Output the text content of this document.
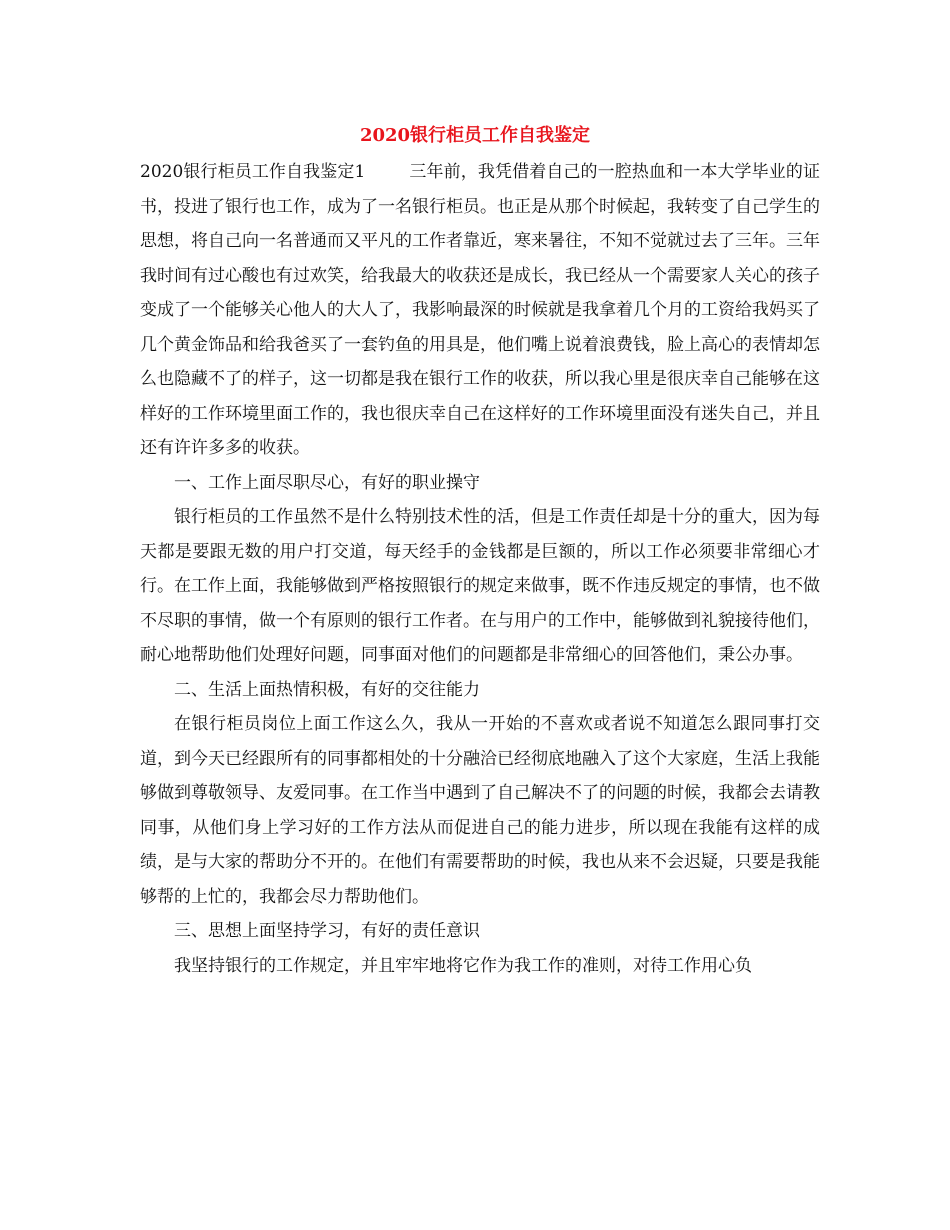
2020银行柜员工作自我鉴定

2020银行柜员工作自我鉴定1	三年前，我凭借着自己的一腔热血和一本大学毕业的证书，投进了银行也工作，成为了一名银行柜员。也正是从那个时候起，我转变了自己学生的思想，将自己向一名普通而又平凡的工作者靠近，寒来暑往，不知不觉就过去了三年。三年我时间有过心酸也有过欢笑，给我最大的收获还是成长，我已经从一个需要家人关心的孩子变成了一个能够关心他人的大人了，我影响最深的时候就是我拿着几个月的工资给我妈买了几个黄金饰品和给我爸买了一套钓鱼的用具是，他们嘴上说着浪费钱，脸上高心的表情却怎么也隐藏不了的样子，这一切都是我在银行工作的收获，所以我心里是很庆幸自己能够在这样好的工作环境里面工作的，我也很庆幸自己在这样好的工作环境里面没有迷失自己，并且还有许许多多的收获。

一、工作上面尽职尽心，有好的职业操守

银行柜员的工作虽然不是什么特别技术性的活，但是工作责任却是十分的重大，因为每天都是要跟无数的用户打交道，每天经手的金钱都是巨额的，所以工作必须要非常细心才行。在工作上面，我能够做到严格按照银行的规定来做事，既不作违反规定的事情，也不做不尽职的事情，做一个有原则的银行工作者。在与用户的工作中，能够做到礼貌接待他们，耐心地帮助他们处理好问题，同事面对他们的问题都是非常细心的回答他们，秉公办事。

二、生活上面热情积极，有好的交往能力

在银行柜员岗位上面工作这么久，我从一开始的不喜欢或者说不知道怎么跟同事打交道，到今天已经跟所有的同事都相处的十分融洽已经彻底地融入了这个大家庭，生活上我能够做到尊敬领导、友爱同事。在工作当中遇到了自己解决不了的问题的时候，我都会去请教同事，从他们身上学习好的工作方法从而促进自己的能力进步，所以现在我能有这样的成绩，是与大家的帮助分不开的。在他们有需要帮助的时候，我也从来不会迟疑，只要是我能够帮的上忙的，我都会尽力帮助他们。

三、思想上面坚持学习，有好的责任意识

我坚持银行的工作规定，并且牢牢地将它作为我工作的准则，对待工作用心负
